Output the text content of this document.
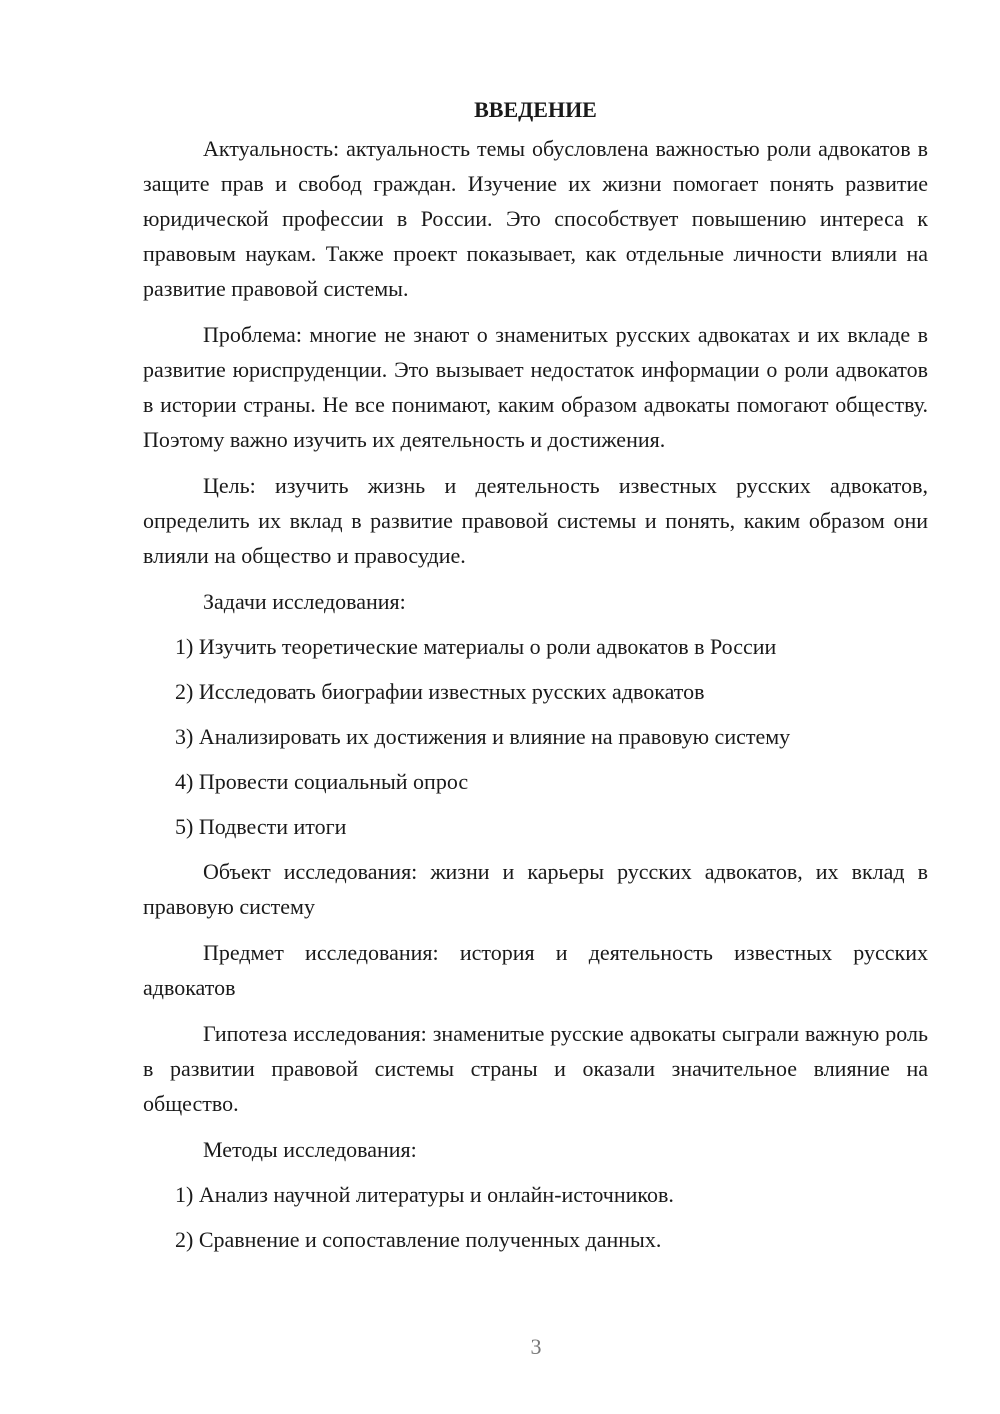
ВВЕДЕНИЕ

Актуальность: актуальность темы обусловлена важностью роли адвокатов в защите прав и свобод граждан. Изучение их жизни помогает понять развитие юридической профессии в России. Это способствует повышению интереса к правовым наукам. Также проект показывает, как отдельные личности влияли на развитие правовой системы.

Проблема: многие не знают о знаменитых русских адвокатах и их вкладе в развитие юриспруденции. Это вызывает недостаток информации о роли адвокатов в истории страны. Не все понимают, каким образом адвокаты помогают обществу. Поэтому важно изучить их деятельность и достижения.

Цель: изучить жизнь и деятельность известных русских адвокатов, определить их вклад в развитие правовой системы и понять, каким образом они влияли на общество и правосудие.

Задачи исследования:

1) Изучить теоретические материалы о роли адвокатов в России
2) Исследовать биографии известных русских адвокатов
3) Анализировать их достижения и влияние на правовую систему
4) Провести социальный опрос
5) Подвести итоги

Объект исследования: жизни и карьеры русских адвокатов, их вклад в правовую систему

Предмет исследования: история и деятельность известных русских адвокатов

Гипотеза исследования: знаменитые русские адвокаты сыграли важную роль в развитии правовой системы страны и оказали значительное влияние на общество.

Методы исследования:

1) Анализ научной литературы и онлайн-источников.
2) Сравнение и сопоставление полученных данных.
3
